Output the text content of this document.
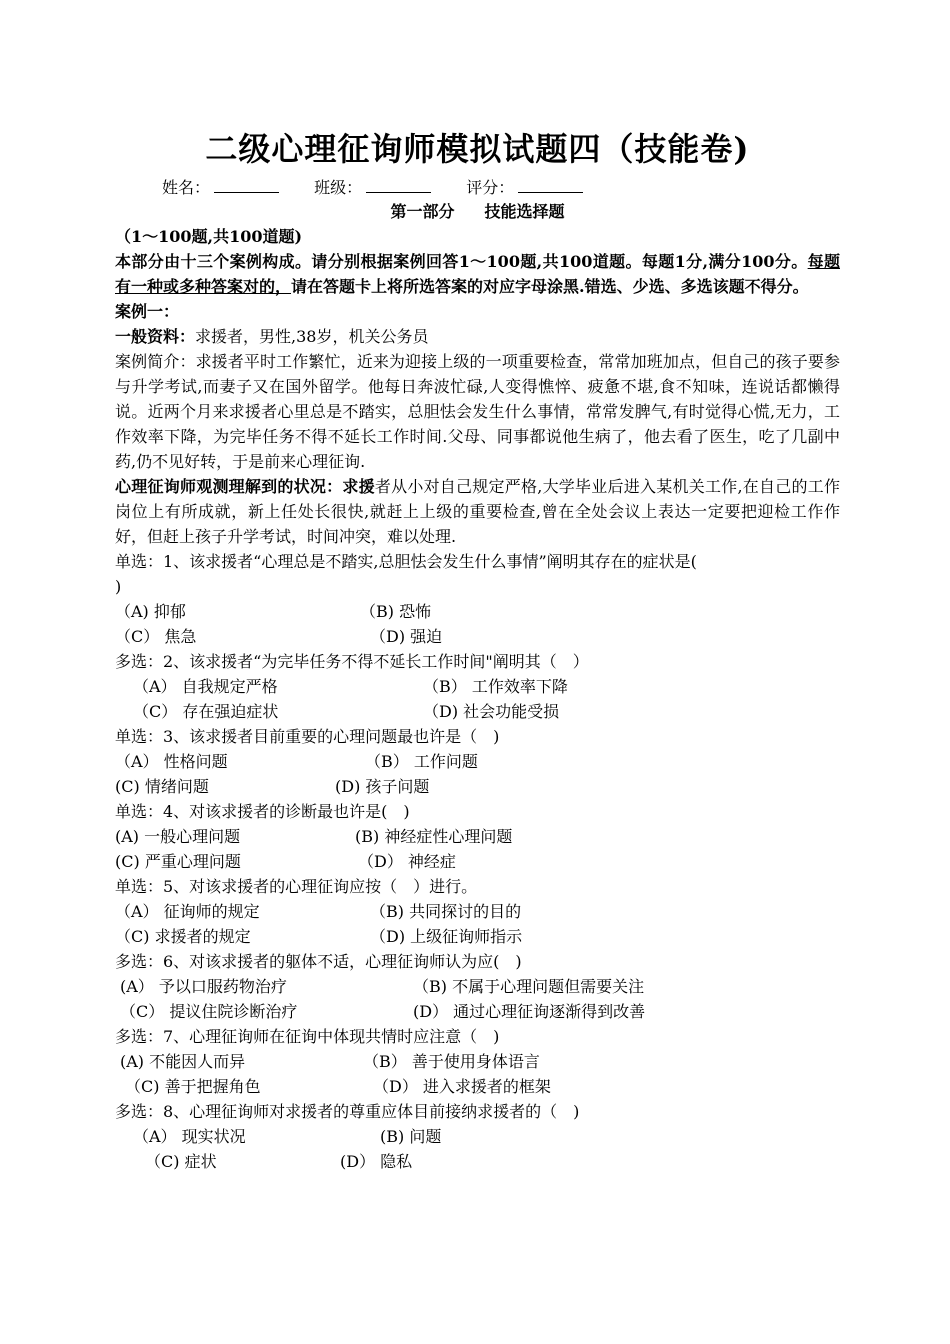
二级心理征询师模拟试题四（技能卷)
姓名：	班级：	评分：
第一部分 技能选择题
（1～100题,共100道题)
本部分由十三个案例构成。请分别根据案例回答1～100题,共100道题。每题1分,满分100分。每题有一种或多种答案对的，请在答题卡上将所选答案的对应字母涂黑.错选、少选、多选该题不得分。
案例一：
一般资料：求援者，男性,38岁，机关公务员
案例简介：求援者平时工作繁忙，近来为迎接上级的一项重要检查，常常加班加点，但自己的孩子要参与升学考试,而妻子又在国外留学。他每日奔波忙碌,人变得憔悴、疲惫不堪,食不知味，连说话都懒得说。近两个月来求援者心里总是不踏实，总胆怯会发生什么事情，常常发脾气,有时觉得心慌,无力，工作效率下降，为完毕任务不得不延长工作时间.父母、同事都说他生病了，他去看了医生，吃了几副中药,仍不见好转，于是前来心理征询.
心理征询师观测理解到的状况：求援者从小对自己规定严格,大学毕业后进入某机关工作,在自己的工作岗位上有所成就，新上任处长很快,就赶上上级的重要检查,曾在全处会议上表达一定要把迎检工作作好，但赶上孩子升学考试，时间冲突，难以处理.
单选：1、该求援者“心理总是不踏实,总胆怯会发生什么事情”阐明其存在的症状是(
)
（A) 抑郁	（B) 恐怖
（C） 焦急	（D) 强迫
多选：2、该求援者“为完毕任务不得不延长工作时间"阐明其（　）
（A） 自我规定严格	（B） 工作效率下降
（C） 存在强迫症状	（D) 社会功能受损
单选：3、该求援者目前重要的心理问题最也许是（　)
（A） 性格问题	（B） 工作问题
(C) 情绪问题	(D) 孩子问题
单选：4、对该求援者的诊断最也许是(　)
(A) 一般心理问题	(B) 神经症性心理问题
(C) 严重心理问题	（D） 神经症
单选：5、对该求援者的心理征询应按（　）进行。
（A） 征询师的规定	（B) 共同探讨的目的
（C) 求援者的规定	（D) 上级征询师指示
多选：6、对该求援者的躯体不适，心理征询师认为应(　)
(A） 予以口服药物治疗	（B) 不属于心理问题但需要关注
（C） 提议住院诊断治疗	(D） 通过心理征询逐渐得到改善
多选：7、心理征询师在征询中体现共情时应注意（　)
(A) 不能因人而异	（B） 善于使用身体语言
（C) 善于把握角色	（D） 进入求援者的框架
多选：8、心理征询师对求援者的尊重应体目前接纳求援者的（　)
（A） 现实状况	(B) 问题
（C) 症状	(D） 隐私
